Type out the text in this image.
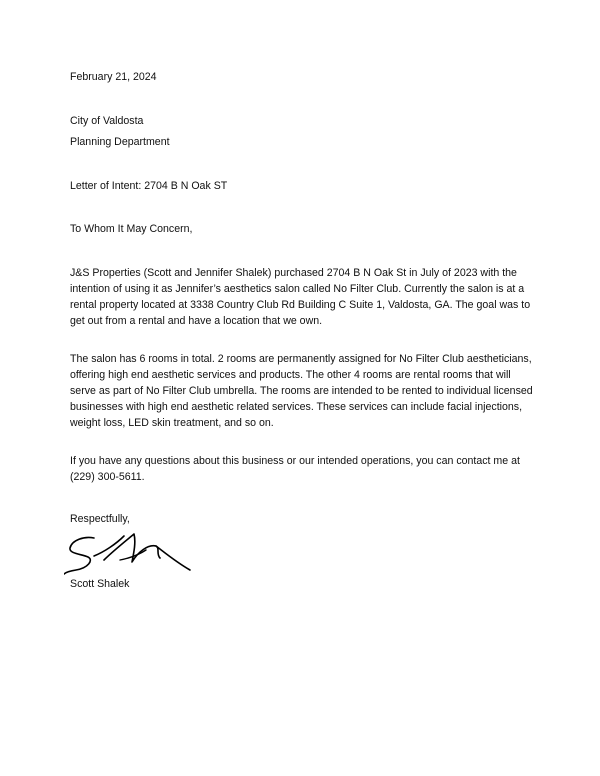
February 21, 2024

City of Valdosta

Planning Department

Letter of Intent: 2704 B N Oak ST

To Whom It May Concern,

J&S Properties (Scott and Jennifer Shalek) purchased 2704 B N Oak St in July of 2023 with the
intention of using it as Jennifer’s aesthetics salon called No Filter Club. Currently the salon is at a
rental property located at 3338 Country Club Rd Building C Suite 1, Valdosta, GA. The goal was to
get out from a rental and have a location that we own.
The salon has 6 rooms in total. 2 rooms are permanently assigned for No Filter Club aestheticians,
offering high end aesthetic services and products. The other 4 rooms are rental rooms that will
serve as part of No Filter Club umbrella. The rooms are intended to be rented to individual licensed
businesses with high end aesthetic related services. These services can include facial injections,
weight loss, LED skin treatment, and so on.
If you have any questions about this business or our intended operations, you can contact me at
(229) 300-5611.

Respectfully,

Scott Shalek
